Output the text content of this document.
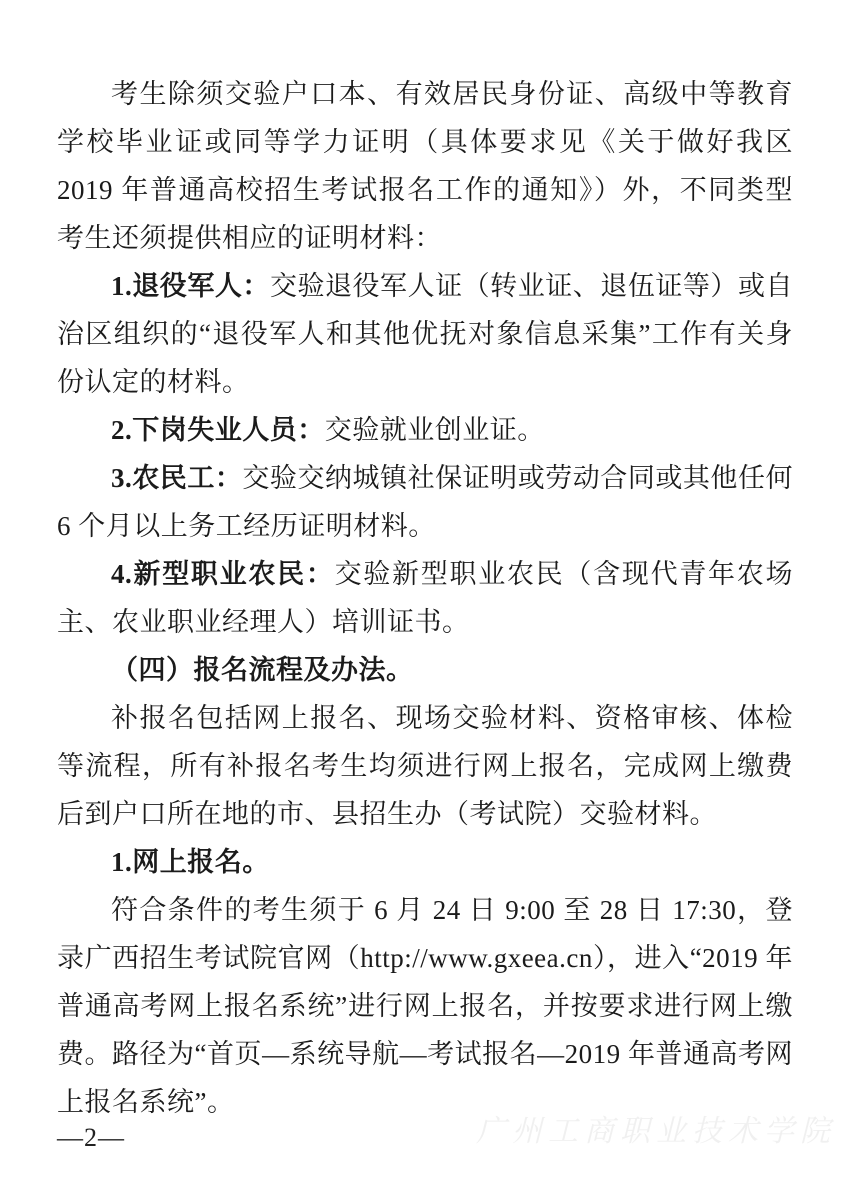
考生除须交验户口本、有效居民身份证、高级中等教育学校毕业证或同等学力证明（具体要求见《关于做好我区 2019 年普通高校招生考试报名工作的通知》）外，不同类型考生还须提供相应的证明材料：

1.退役军人：交验退役军人证（转业证、退伍证等）或自治区组织的“退役军人和其他优抚对象信息采集”工作有关身份认定的材料。

2.下岗失业人员：交验就业创业证。

3.农民工：交验交纳城镇社保证明或劳动合同或其他任何 6 个月以上务工经历证明材料。

4.新型职业农民：交验新型职业农民（含现代青年农场主、农业职业经理人）培训证书。

（四）报名流程及办法。

补报名包括网上报名、现场交验材料、资格审核、体检等流程，所有补报名考生均须进行网上报名，完成网上缴费后到户口所在地的市、县招生办（考试院）交验材料。

1.网上报名。

符合条件的考生须于 6 月 24 日 9:00 至 28 日 17:30，登录广西招生考试院官网（http://www.gxeea.cn），进入“2019 年普通高考网上报名系统”进行网上报名，并按要求进行网上缴费。路径为“首页—系统导航—考试报名—2019 年普通高考网上报名系统”。

—2—	广州工商职业技术学院
